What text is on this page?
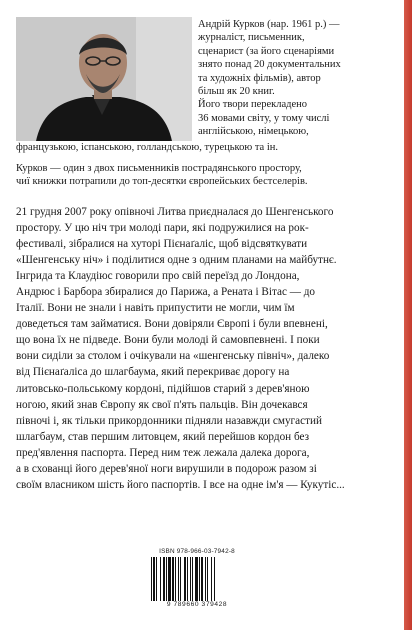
Андрій Курков (нар. 1961 р.) —
журналіст, письменник,
сценарист (за його сценаріями
знято понад 20 документальних
та художніх фільмів), автор
більш як 20 книг.
Його твори перекладено
36 мовами світу, у тому числі
англійською, німецькою,
французькою, іспанською, голландською, турецькою та ін.
Курков — один з двох письменників пострадянського простору,
чиї книжки потрапили до топ-десятки європейських бестселерів.
21 грудня 2007 року опівночі Литва приєдналася до Шенгенського
простору. У цю ніч три молоді пари, які подружилися на рок-
фестивалі, зібралися на хуторі Пієнаґаліс, щоб відсвяткувати
«Шенгенську ніч» і поділитися одне з одним планами на майбутнє.
Інгрида та Клаудіюс говорили про свій переїзд до Лондона,
Андрюс і Барбора збиралися до Парижа, а Рената і Вітас — до
Італії. Вони не знали і навіть припустити не могли, чим їм
доведеться там займатися. Вони довіряли Європі і були впевнені,
що вона їх не підведе. Вони були молоді й самовпевнені. І поки
вони сиділи за столом і очікували на «шенгенську північ», далеко
від Пієнаґаліса до шлагбаума, який перекриває дорогу на
литовсько-польському кордоні, підійшов старий з дерев'яною
ногою, який знав Європу як свої п'ять пальців. Він дочекався
півночі і, як тільки прикордонники підняли назавжди смугастий
шлагбаум, став першим литовцем, який перейшов кордон без
пред'явлення паспорта. Перед ним теж лежала далека дорога,
а в схованці його дерев'яної ноги вирушили в подорож разом зі
своїм власником шість його паспортів. І все на одне ім'я — Кукутіс...
ISBN 978-966-03-7942-8
9 789660 379428
